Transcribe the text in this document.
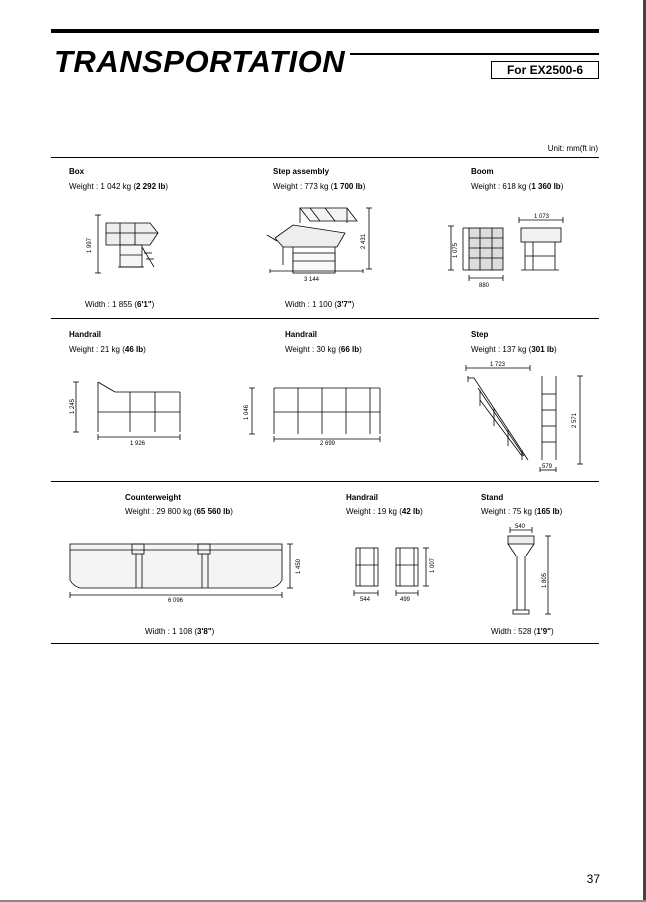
TRANSPORTATION	For EX2500-6
Unit: mm(ft in)
Box
Weight : 1 042 kg (2 292 lb)
Step assembly
Weight : 773 kg (1 700 lb)
Boom
Weight : 618 kg (1 360 lb)
1 997
Width : 1 855 (6'1")
2 431
3 144
Width : 1 100 (3'7")
1 073
1 075
880
Handrail
Weight : 21 kg (46 lb)
Handrail
Weight : 30 kg (66 lb)
Step
Weight : 137 kg (301 lb)
1 245
1 926
1 046
2 699
1 723
2 571
579
Counterweight
Weight : 29 800 kg (65 560 lb)
Handrail
Weight : 19 kg (42 lb)
Stand
Weight : 75 kg (165 lb)
1 450
6 096
Width : 1 108 (3'8")
1 007
544	499
540
1 805
Width : 528 (1'9")
37
